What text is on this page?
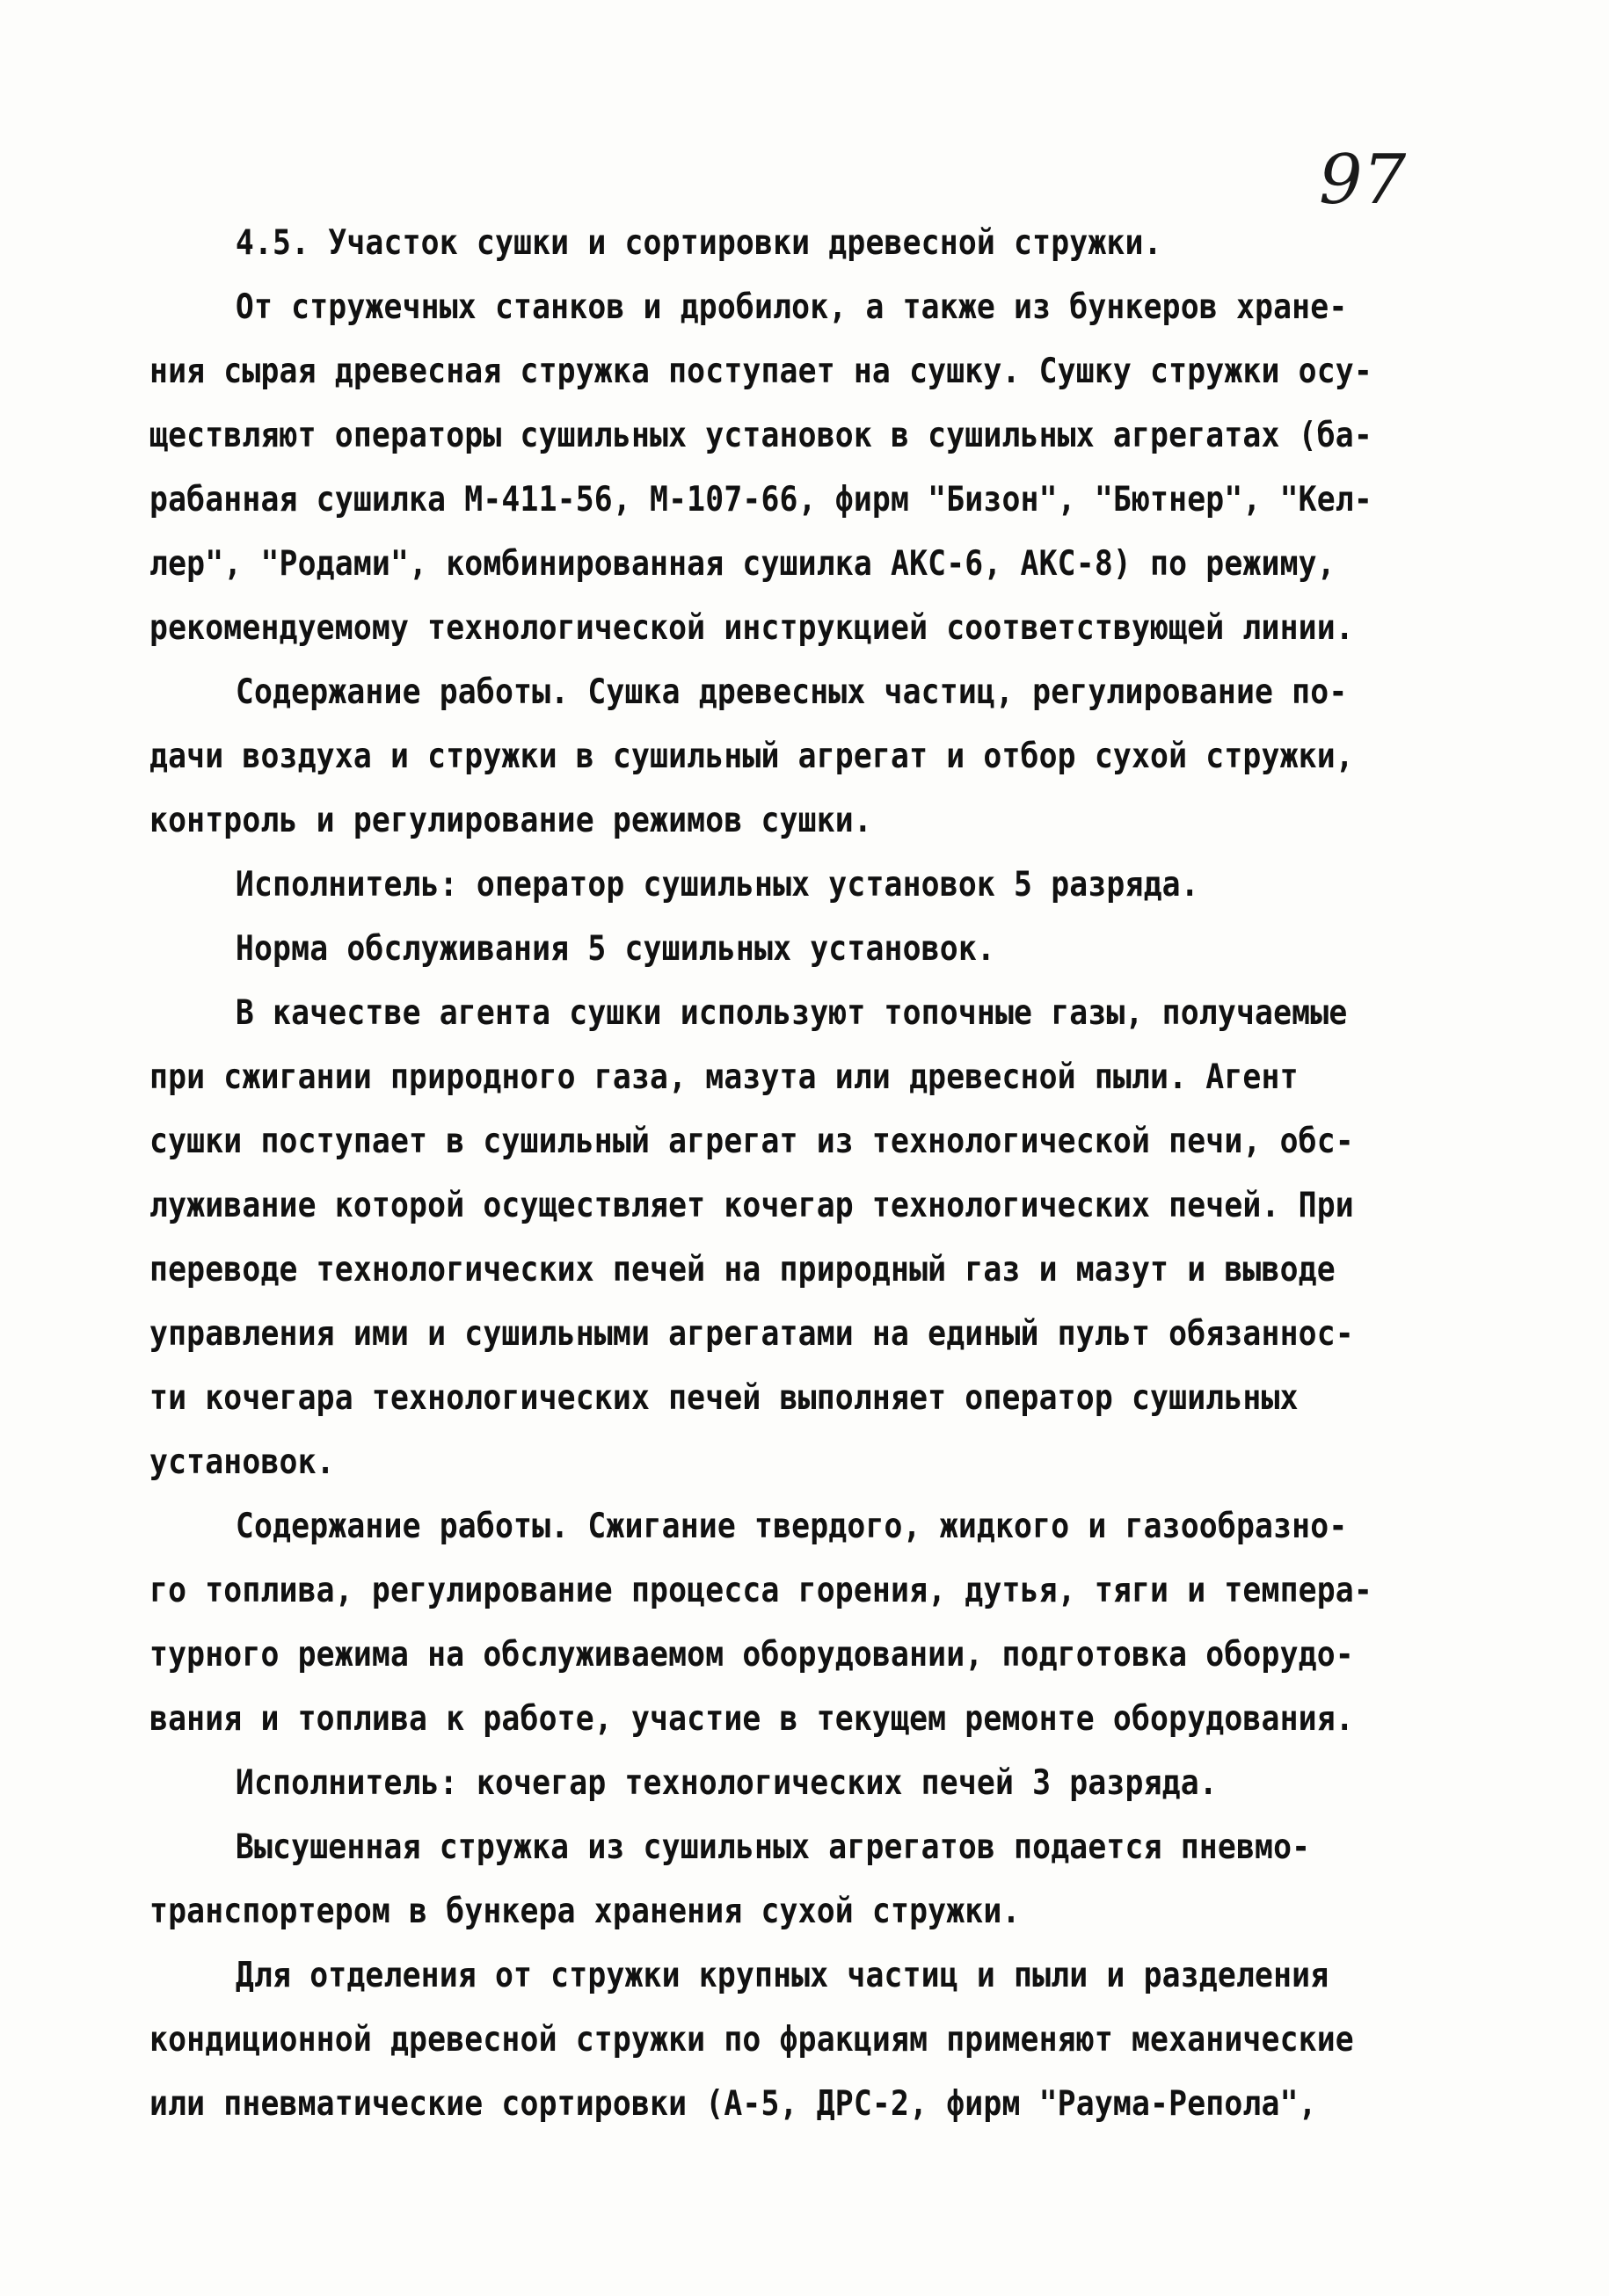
97
4.5. Участок сушки и сортировки древесной стружки.
От стружечных станков и дробилок, а также из бункеров хране-
ния сырая древесная стружка поступает на сушку. Сушку стружки осу-
ществляют операторы сушильных установок в сушильных агрегатах (ба-
рабанная сушилка М-411-56, М-107-66, фирм "Бизон", "Бютнер", "Кел-
лер", "Родами", комбинированная сушилка АКС-6, АКС-8) по режиму,
рекомендуемому технологической инструкцией соответствующей линии.
Содержание работы. Сушка древесных частиц, регулирование по-
дачи воздуха и стружки в сушильный агрегат и отбор сухой стружки,
контроль и регулирование режимов сушки.
Исполнитель: оператор сушильных установок 5 разряда.
Норма обслуживания 5 сушильных установок.
В качестве агента сушки используют топочные газы, получаемые
при сжигании природного газа, мазута или древесной пыли. Агент
сушки поступает в сушильный агрегат из технологической печи, обс-
луживание которой осуществляет кочегар технологических печей. При
переводе технологических печей на природный газ и мазут и выводе
управления ими и сушильными агрегатами на единый пульт обязаннос-
ти кочегара технологических печей выполняет оператор сушильных
установок.
Содержание работы. Сжигание твердого, жидкого и газообразно-
го топлива, регулирование процесса горения, дутья, тяги и темпера-
турного режима на обслуживаемом оборудовании, подготовка оборудо-
вания и топлива к работе, участие в текущем ремонте оборудования.
Исполнитель: кочегар технологических печей 3 разряда.
Высушенная стружка из сушильных агрегатов подается пневмо-
транспортером в бункера хранения сухой стружки.
Для отделения от стружки крупных частиц и пыли и разделения
кондиционной древесной стружки по фракциям применяют механические
или пневматические сортировки (А-5, ДРС-2, фирм "Раума-Репола",
